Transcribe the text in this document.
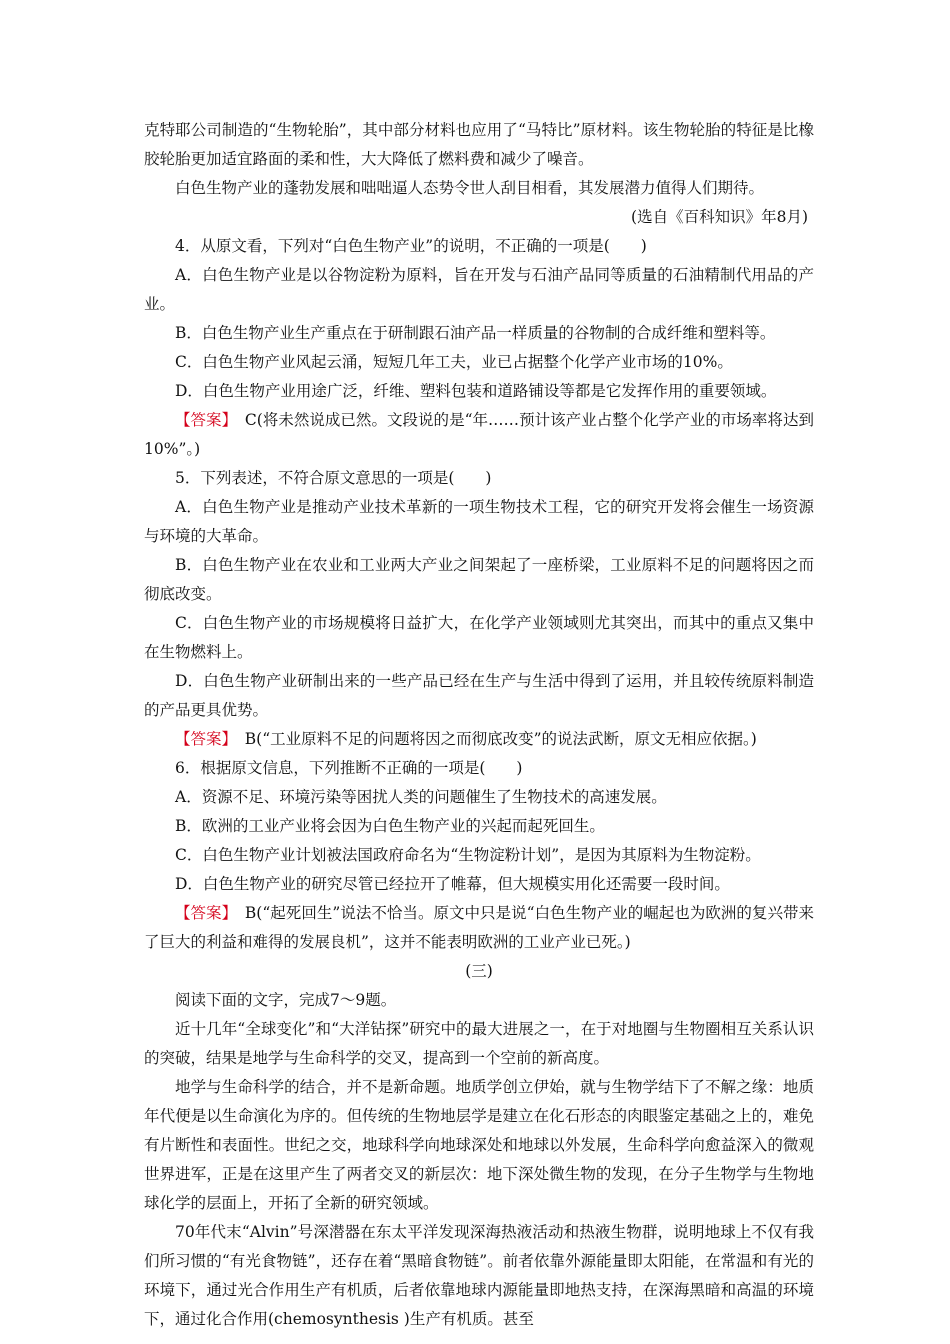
克特耶公司制造的“生物轮胎”，其中部分材料也应用了“马特比”原材料。该生物轮胎的特征是比橡胶轮胎更加适宜路面的柔和性，大大降低了燃料费和减少了噪音。

白色生物产业的蓬勃发展和咄咄逼人态势令世人刮目相看，其发展潜力值得人们期待。

(选自《百科知识》年8月)

4．从原文看，下列对“白色生物产业”的说明，不正确的一项是(　　)

A．白色生物产业是以谷物淀粉为原料，旨在开发与石油产品同等质量的石油精制代用品的产业。

B．白色生物产业生产重点在于研制跟石油产品一样质量的谷物制的合成纤维和塑料等。

C．白色生物产业风起云涌，短短几年工夫，业已占据整个化学产业市场的10%。

D．白色生物产业用途广泛，纤维、塑料包装和道路铺设等都是它发挥作用的重要领域。

【答案】　C(将未然说成已然。文段说的是“年……预计该产业占整个化学产业的市场率将达到10%”。)

5．下列表述，不符合原文意思的一项是(　　)

A．白色生物产业是推动产业技术革新的一项生物技术工程，它的研究开发将会催生一场资源与环境的大革命。

B．白色生物产业在农业和工业两大产业之间架起了一座桥梁，工业原料不足的问题将因之而彻底改变。

C．白色生物产业的市场规模将日益扩大，在化学产业领域则尤其突出，而其中的重点又集中在生物燃料上。

D．白色生物产业研制出来的一些产品已经在生产与生活中得到了运用，并且较传统原料制造的产品更具优势。

【答案】　B(“工业原料不足的问题将因之而彻底改变”的说法武断，原文无相应依据。)

6．根据原文信息，下列推断不正确的一项是(　　)

A．资源不足、环境污染等困扰人类的问题催生了生物技术的高速发展。

B．欧洲的工业产业将会因为白色生物产业的兴起而起死回生。

C．白色生物产业计划被法国政府命名为“生物淀粉计划”，是因为其原料为生物淀粉。

D．白色生物产业的研究尽管已经拉开了帷幕，但大规模实用化还需要一段时间。

【答案】　B(“起死回生”说法不恰当。原文中只是说“白色生物产业的崛起也为欧洲的复兴带来了巨大的利益和难得的发展良机”，这并不能表明欧洲的工业产业已死。)

(三)

阅读下面的文字，完成7～9题。

近十几年“全球变化”和“大洋钻探”研究中的最大进展之一，在于对地圈与生物圈相互关系认识的突破，结果是地学与生命科学的交叉，提高到一个空前的新高度。

地学与生命科学的结合，并不是新命题。地质学创立伊始，就与生物学结下了不解之缘：地质年代便是以生命演化为序的。但传统的生物地层学是建立在化石形态的肉眼鉴定基础之上的，难免有片断性和表面性。世纪之交，地球科学向地球深处和地球以外发展，生命科学向愈益深入的微观世界进军，正是在这里产生了两者交叉的新层次：地下深处微生物的发现，在分子生物学与生物地球化学的层面上，开拓了全新的研究领域。

70年代末“Alvin”号深潜器在东太平洋发现深海热液活动和热液生物群，说明地球上不仅有我们所习惯的“有光食物链”，还存在着“黑暗食物链”。前者依靠外源能量即太阳能，在常温和有光的环境下，通过光合作用生产有机质，后者依靠地球内源能量即地热支持，在深海黑暗和高温的环境下，通过化合作用(chemosynthesis )生产有机质。甚至
